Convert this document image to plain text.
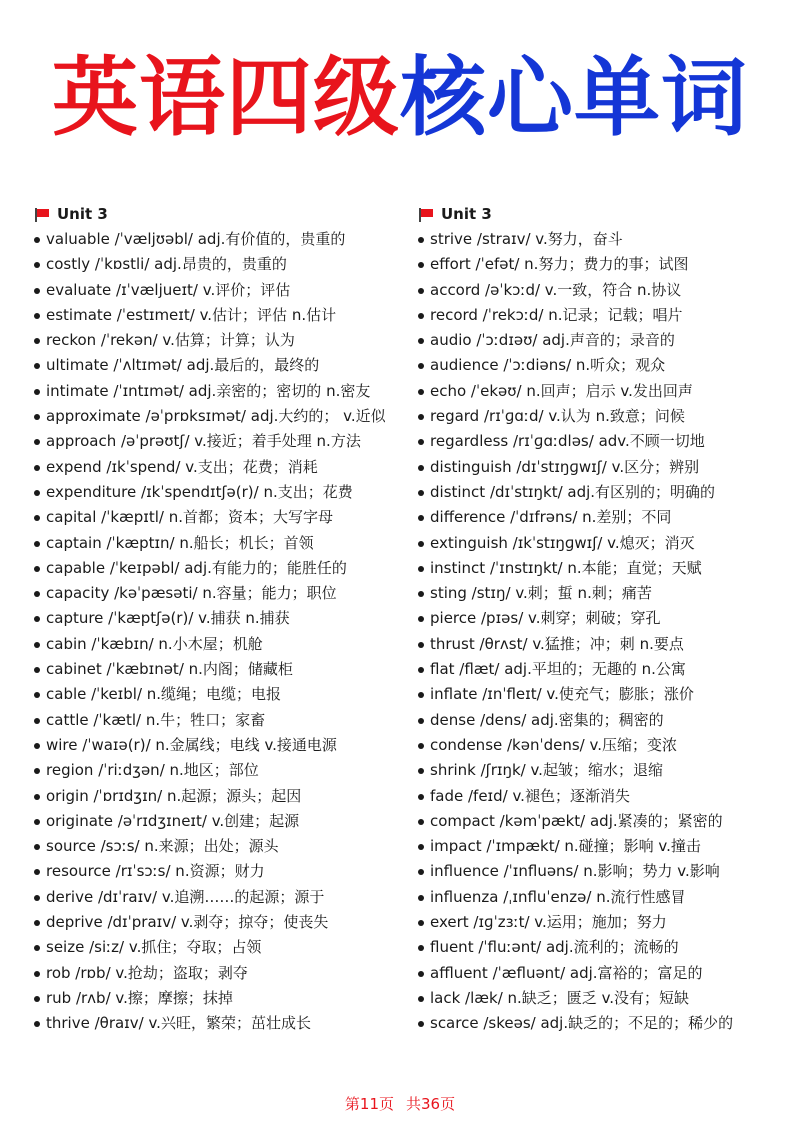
英语四级核心单词
Unit 3
valuable /ˈvæljʊəbl/ adj.有价值的，贵重的
costly /ˈkɒstli/ adj.昂贵的，贵重的
evaluate /ɪˈvæljueɪt/ v.评价；评估
estimate /ˈestɪmeɪt/ v.估计；评估 n.估计
reckon /ˈrekən/ v.估算；计算；认为
ultimate /ˈʌltɪmət/ adj.最后的，最终的
intimate /ˈɪntɪmət/ adj.亲密的；密切的 n.密友
approximate /əˈprɒksɪmət/ adj.大约的； v.近似
approach /əˈprəʊtʃ/ v.接近；着手处理 n.方法
expend /ɪkˈspend/ v.支出；花费；消耗
expenditure /ɪkˈspendɪtʃə(r)/ n.支出；花费
capital /ˈkæpɪtl/ n.首都；资本；大写字母
captain /ˈkæptɪn/ n.船长；机长；首领
capable /ˈkeɪpəbl/ adj.有能力的；能胜任的
capacity /kəˈpæsəti/ n.容量；能力；职位
capture /ˈkæptʃə(r)/ v.捕获 n.捕获
cabin /ˈkæbɪn/ n.小木屋；机舱
cabinet /ˈkæbɪnət/ n.内阁；储藏柜
cable /ˈkeɪbl/ n.缆绳；电缆；电报
cattle /ˈkætl/ n.牛；牲口；家畜
wire /ˈwaɪə(r)/ n.金属线；电线 v.接通电源
region /ˈriːdʒən/ n.地区；部位
origin /ˈɒrɪdʒɪn/ n.起源；源头；起因
originate /əˈrɪdʒɪneɪt/ v.创建；起源
source /sɔːs/ n.来源；出处；源头
resource /rɪˈsɔːs/ n.资源；财力
derive /dɪˈraɪv/ v.追溯……的起源；源于
deprive /dɪˈpraɪv/ v.剥夺；掠夺；使丧失
seize /siːz/ v.抓住；夺取；占领
rob /rɒb/ v.抢劫；盗取；剥夺
rub /rʌb/ v.擦；摩擦；抹掉
thrive /θraɪv/ v.兴旺，繁荣；茁壮成长
Unit 3
strive /straɪv/ v.努力，奋斗
effort /ˈefət/ n.努力；费力的事；试图
accord /əˈkɔːd/ v.一致，符合 n.协议
record /ˈrekɔːd/ n.记录；记载；唱片
audio /ˈɔːdɪəʊ/ adj.声音的；录音的
audience /ˈɔːdiəns/ n.听众；观众
echo /ˈekəʊ/ n.回声；启示 v.发出回声
regard /rɪˈɡɑːd/ v.认为 n.致意；问候
regardless /rɪˈɡɑːdləs/ adv.不顾一切地
distinguish /dɪˈstɪŋɡwɪʃ/ v.区分；辨别
distinct /dɪˈstɪŋkt/ adj.有区别的；明确的
difference /ˈdɪfrəns/ n.差别；不同
extinguish /ɪkˈstɪŋɡwɪʃ/ v.熄灭；消灭
instinct /ˈɪnstɪŋkt/ n.本能；直觉；天赋
sting /stɪŋ/ v.刺；蜇 n.刺；痛苦
pierce /pɪəs/ v.刺穿；刺破；穿孔
thrust /θrʌst/ v.猛推；冲；刺 n.要点
flat /flæt/ adj.平坦的；无趣的 n.公寓
inflate /ɪnˈfleɪt/ v.使充气；膨胀；涨价
dense /dens/ adj.密集的；稠密的
condense /kənˈdens/ v.压缩；变浓
shrink /ʃrɪŋk/ v.起皱；缩水；退缩
fade /feɪd/ v.褪色；逐渐消失
compact /kəmˈpækt/ adj.紧凑的；紧密的
impact /ˈɪmpækt/ n.碰撞；影响 v.撞击
influence /ˈɪnfluəns/ n.影响；势力 v.影响
influenza /ˌɪnfluˈenzə/ n.流行性感冒
exert /ɪɡˈzɜːt/ v.运用；施加；努力
fluent /ˈfluːənt/ adj.流利的；流畅的
affluent /ˈæfluənt/ adj.富裕的；富足的
lack /læk/ n.缺乏；匮乏 v.没有；短缺
scarce /skeəs/ adj.缺乏的；不足的；稀少的
第11页 共36页
